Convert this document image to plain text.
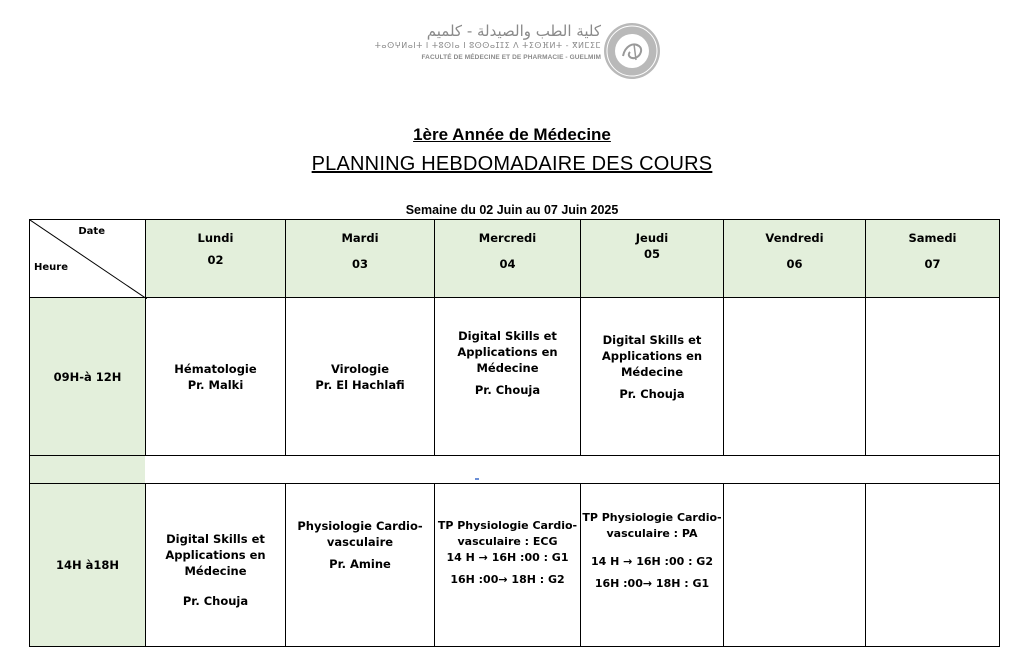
كلية الطب والصيدلة - كلميم
ⵜⴰⵙⵖⵍⴰⵏⵜ ⵏ ⵜⵓⵙⵏⴰ ⵏ ⵓⵙⵙⴰⵊⵊⵉ ⴷ ⵜⵉⵙⴼⵍⵜ - ⴳⵍⵎⵉⵎ
FACULTÉ DE MÉDECINE ET DE PHARMACIE - GUELMIM
1ère Année de Médecine
PLANNING HEBDOMADAIRE DES COURS
Semaine du 02 Juin au 07 Juin 2025
Date
Heure

Lundi

02

Mardi

03

Mercredi

04

Jeudi

05

Vendredi

06

Samedi

07

09H-à 12H

Hématologie

Pr. Malki

Virologie

Pr. El Hachlafi

Digital Skills et

Applications en

Médecine

Pr. Chouja

Digital Skills et

Applications en

Médecine

Pr. Chouja

14H à18H

Digital Skills et

Applications en

Médecine

Pr. Chouja

Physiologie Cardio-

vasculaire

Pr. Amine

TP Physiologie Cardio-

vasculaire : ECG

14 H → 16H :00 : G1

16H :00→ 18H : G2

TP Physiologie Cardio-

vasculaire : PA

14 H → 16H :00 : G2

16H :00→ 18H : G1
